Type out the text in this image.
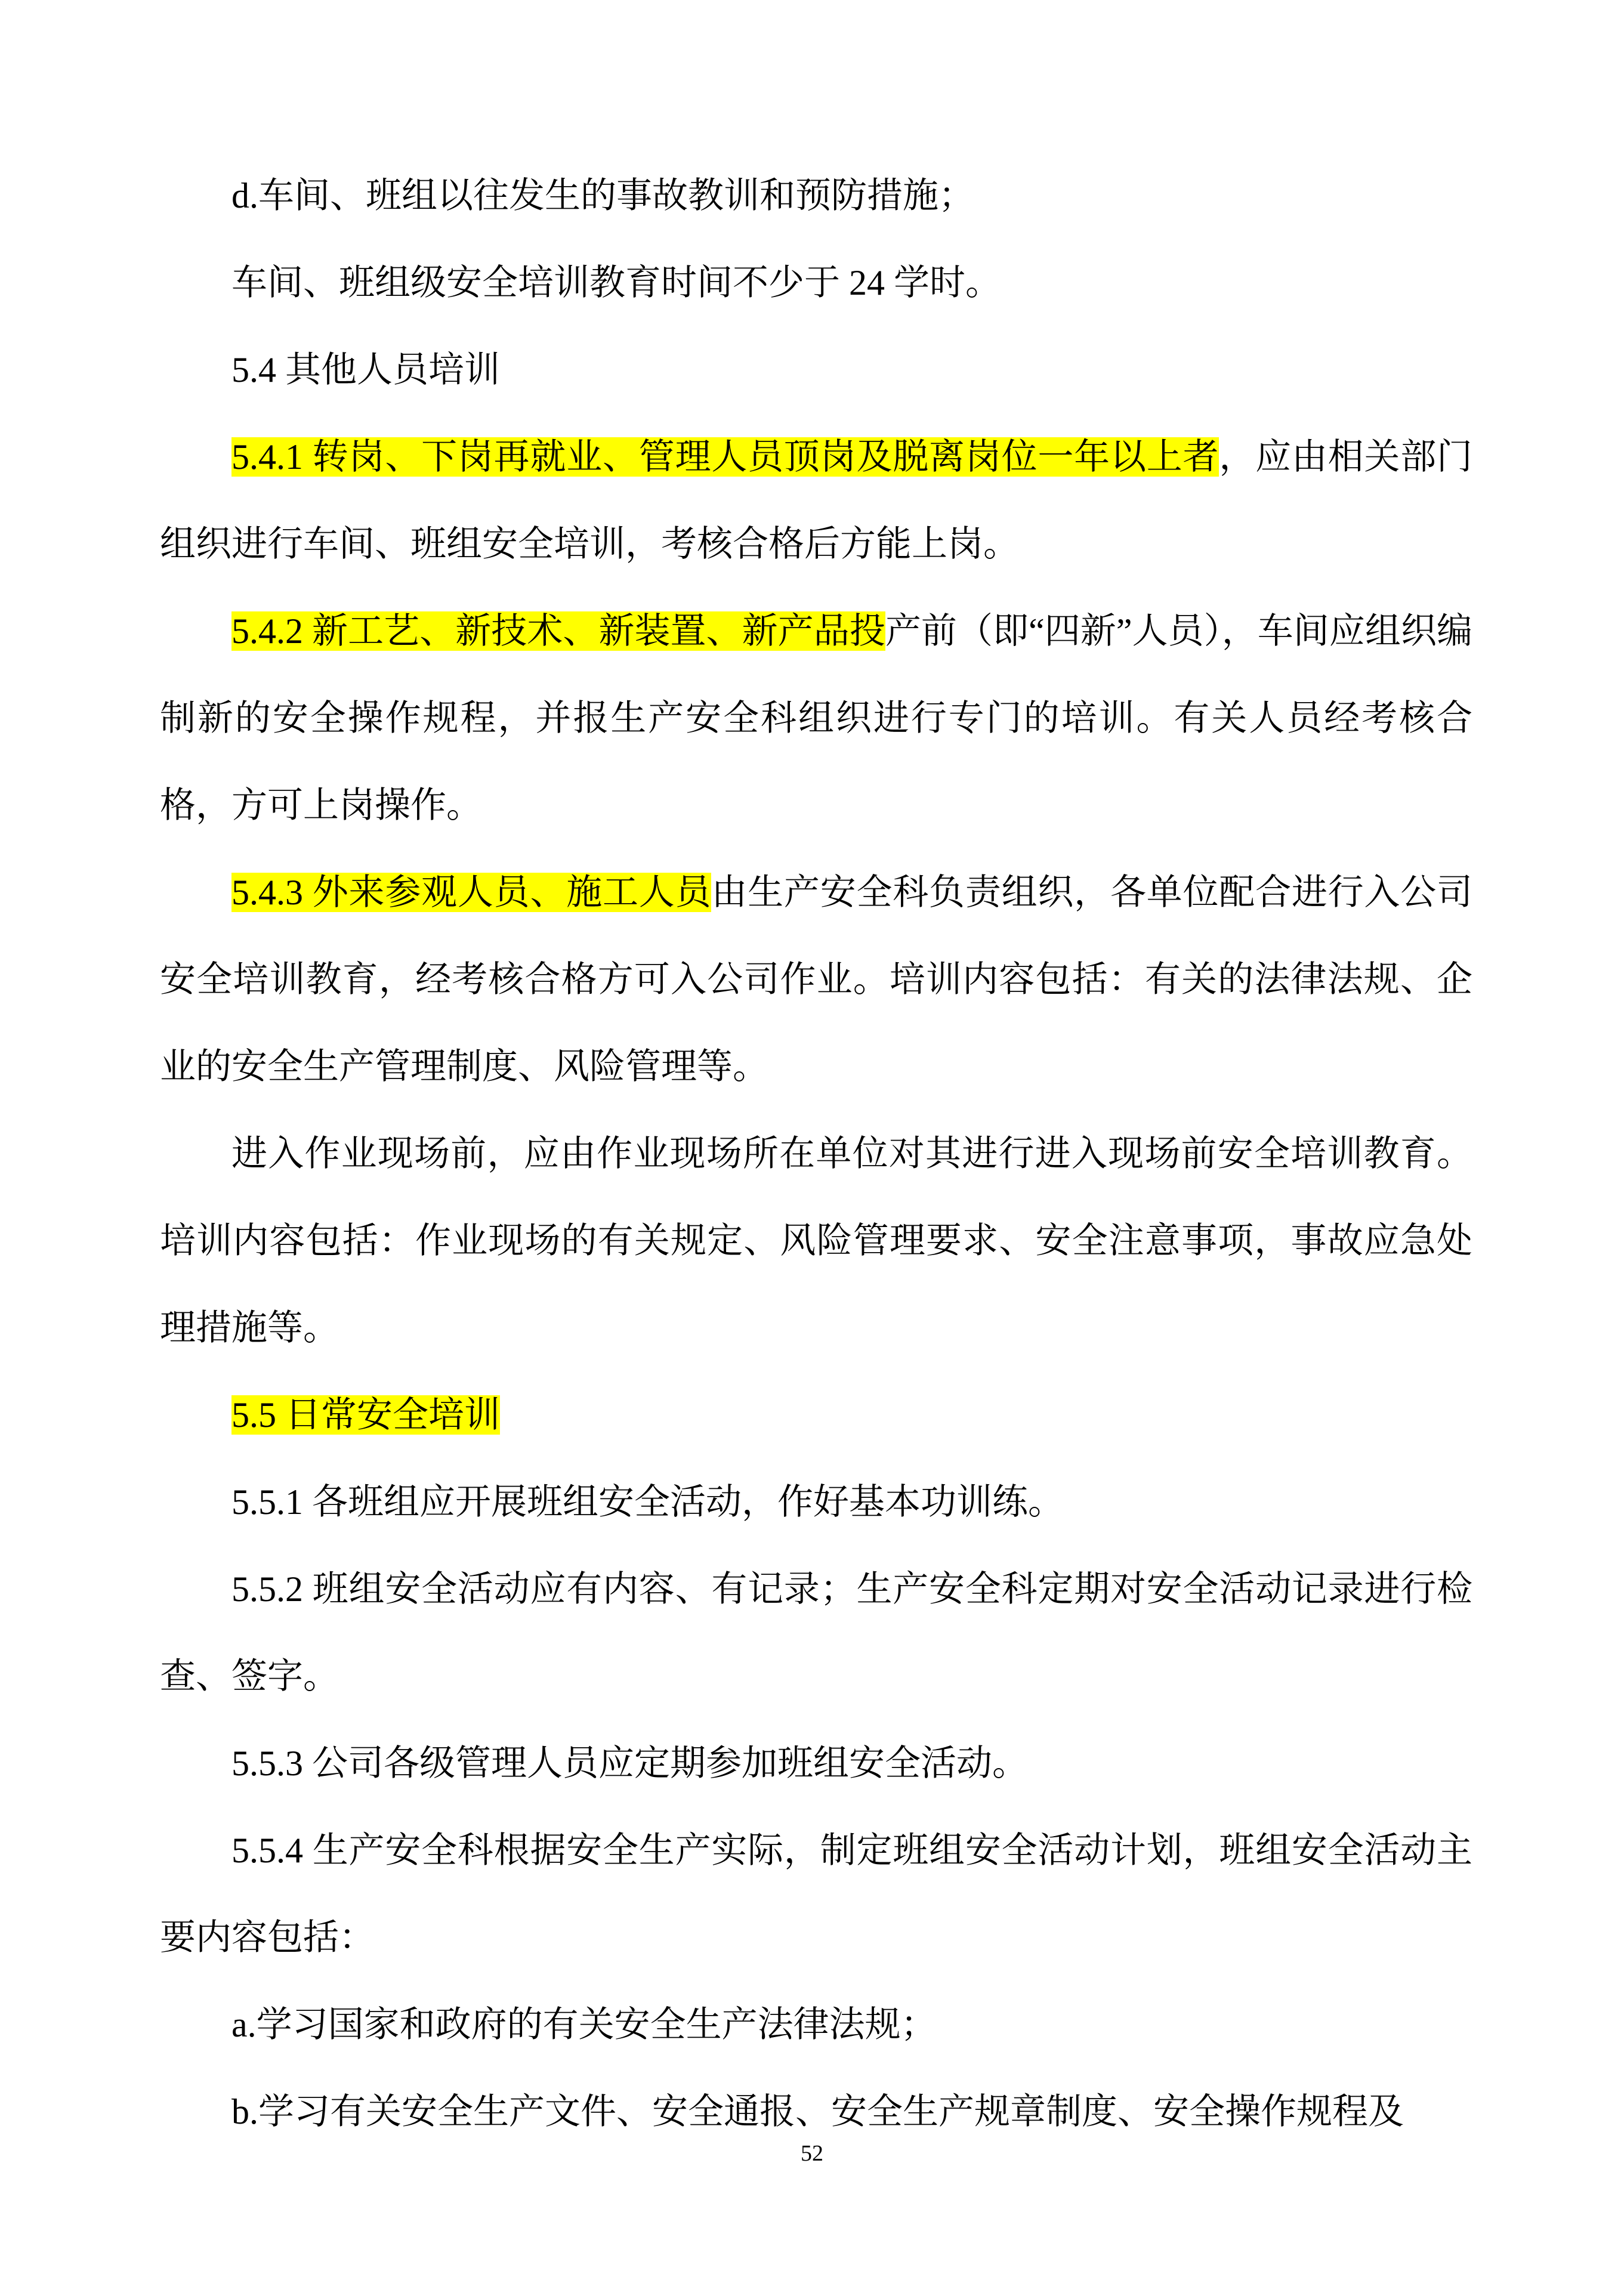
d.车间、班组以往发生的事故教训和预防措施；

车间、班组级安全培训教育时间不少于 24 学时。

5.4 其他人员培训

5.4.1 转岗、下岗再就业、管理人员顶岗及脱离岗位一年以上者，应由相关部门组织进行车间、班组安全培训，考核合格后方能上岗。

5.4.2 新工艺、新技术、新装置、新产品投产前（即“四新”人员），车间应组织编制新的安全操作规程，并报生产安全科组织进行专门的培训。有关人员经考核合格，方可上岗操作。

5.4.3 外来参观人员、施工人员由生产安全科负责组织，各单位配合进行入公司安全培训教育，经考核合格方可入公司作业。培训内容包括：有关的法律法规、企业的安全生产管理制度、风险管理等。

进入作业现场前，应由作业现场所在单位对其进行进入现场前安全培训教育。培训内容包括：作业现场的有关规定、风险管理要求、安全注意事项，事故应急处理措施等。

5.5 日常安全培训

5.5.1 各班组应开展班组安全活动，作好基本功训练。

5.5.2 班组安全活动应有内容、有记录；生产安全科定期对安全活动记录进行检查、签字。

5.5.3 公司各级管理人员应定期参加班组安全活动。

5.5.4 生产安全科根据安全生产实际，制定班组安全活动计划，班组安全活动主要内容包括：

a.学习国家和政府的有关安全生产法律法规；

b.学习有关安全生产文件、安全通报、安全生产规章制度、安全操作规程及

52
